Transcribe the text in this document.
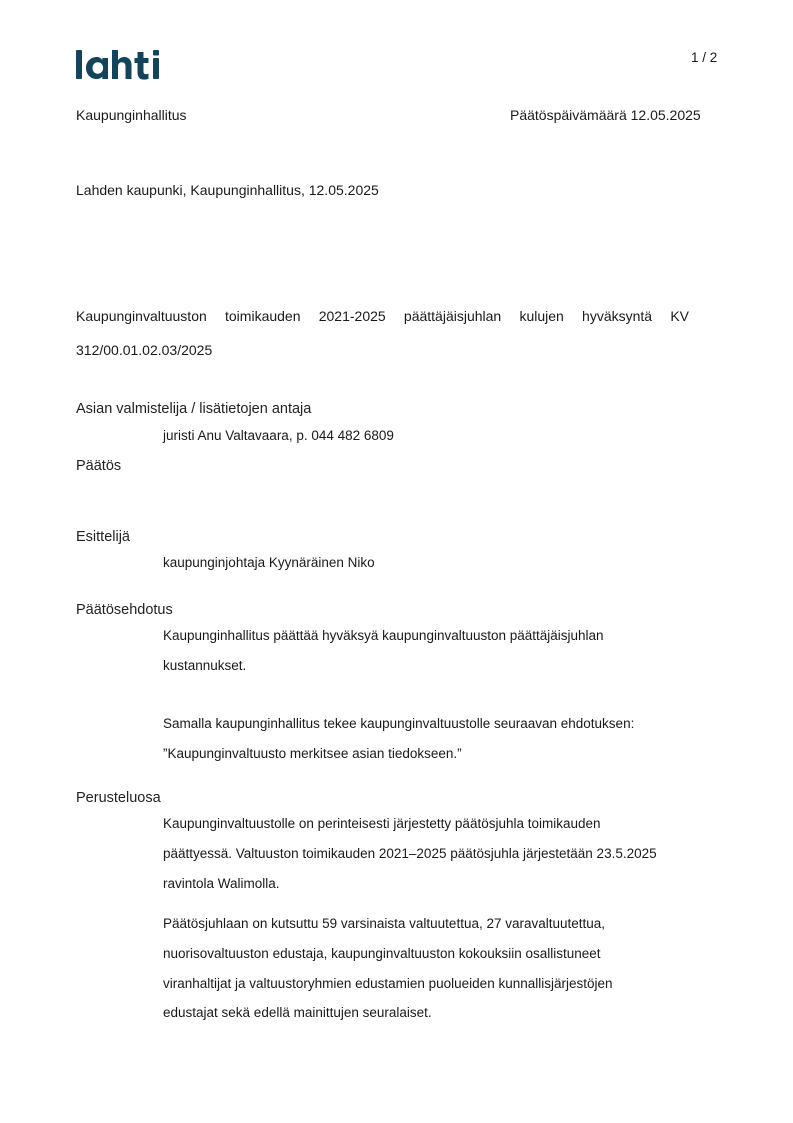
1 / 2
Kaupunginhallitus	Päätöspäivämäärä 12.05.2025
Lahden kaupunki, Kaupunginhallitus, 12.05.2025
Kaupunginvaltuuston toimikauden 2021-2025 päättäjäisjuhlan kulujen hyväksyntä KV
312/00.01.02.03/2025
Asian valmistelija / lisätietojen antaja
juristi Anu Valtavaara, p. 044 482 6809
Päätös
Esittelijä
kaupunginjohtaja Kyynäräinen Niko
Päätösehdotus
Kaupunginhallitus päättää hyväksyä kaupunginvaltuuston päättäjäisjuhlan
kustannukset.
Samalla kaupunginhallitus tekee kaupunginvaltuustolle seuraavan ehdotuksen:
”Kaupunginvaltuusto merkitsee asian tiedokseen.”
Perusteluosa
Kaupunginvaltuustolle on perinteisesti järjestetty päätösjuhla toimikauden
päättyessä. Valtuuston toimikauden 2021–2025 päätösjuhla järjestetään 23.5.2025
ravintola Walimolla.
Päätösjuhlaan on kutsuttu 59 varsinaista valtuutettua, 27 varavaltuutettua,
nuorisovaltuuston edustaja, kaupunginvaltuuston kokouksiin osallistuneet
viranhaltijat ja valtuustoryhmien edustamien puolueiden kunnallisjärjestöjen
edustajat sekä edellä mainittujen seuralaiset.
